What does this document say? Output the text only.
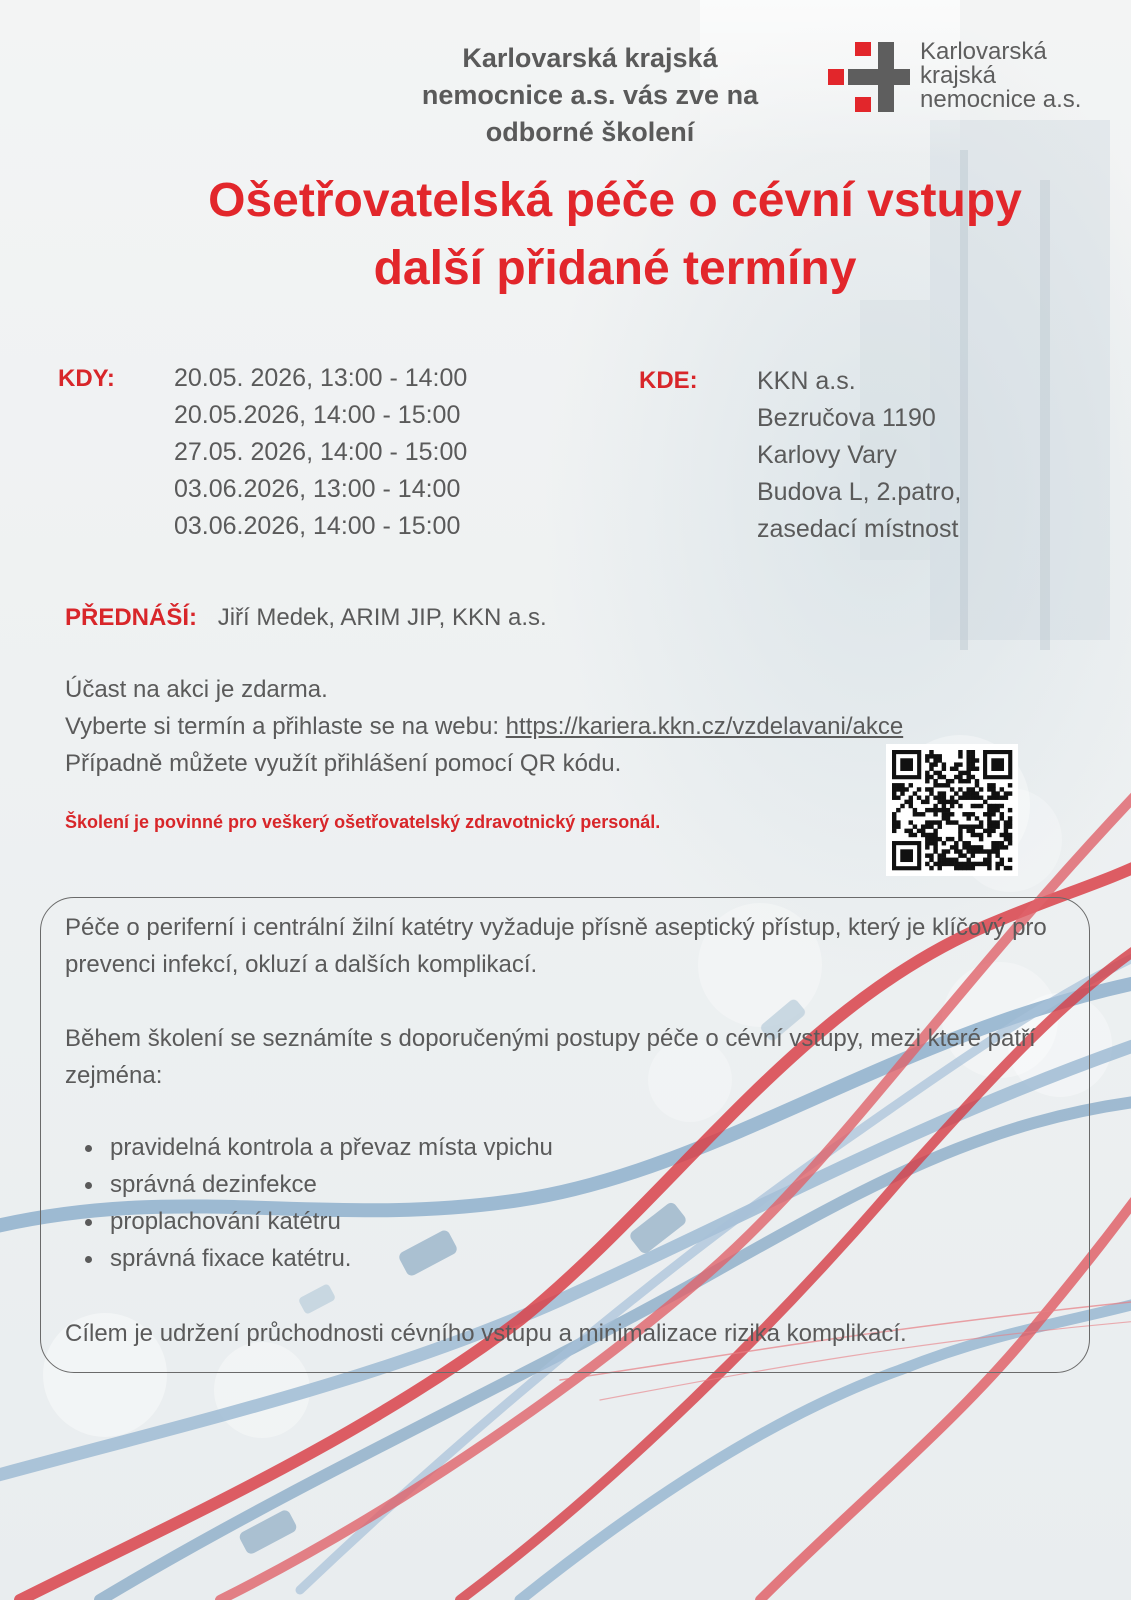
Karlovarská krajská
nemocnice a.s. vás zve na
odborné školení
Karlovarská
krajská
nemocnice a.s.
Ošetřovatelská péče o cévní vstupy
další přidané termíny
KDY: 20.05. 2026, 13:00 - 14:00
20.05.2026, 14:00 - 15:00
27.05. 2026, 14:00 - 15:00
03.06.2026, 13:00 - 14:00
03.06.2026, 14:00 - 15:00
KDE: KKN a.s.
Bezručova 1190
Karlovy Vary
Budova L, 2.patro,
zasedací místnost
PŘEDNÁŠÍ: Jiří Medek, ARIM JIP, KKN a.s.
Účast na akci je zdarma.
Vyberte si termín a přihlaste se na webu: https://kariera.kkn.cz/vzdelavani/akce
Případně můžete využít přihlášení pomocí QR kódu.
Školení je povinné pro veškerý ošetřovatelský zdravotnický personál.
Péče o periferní i centrální žilní katétry vyžaduje přísně aseptický přístup, který je klíčový pro prevenci infekcí, okluzí a dalších komplikací.
Během školení se seznámíte s doporučenými postupy péče o cévní vstupy, mezi které patří zejména:
pravidelná kontrola a převaz místa vpichu
správná dezinfekce
proplachování katétru
správná fixace katétru.
Cílem je udržení průchodnosti cévního vstupu a minimalizace rizika komplikací.
